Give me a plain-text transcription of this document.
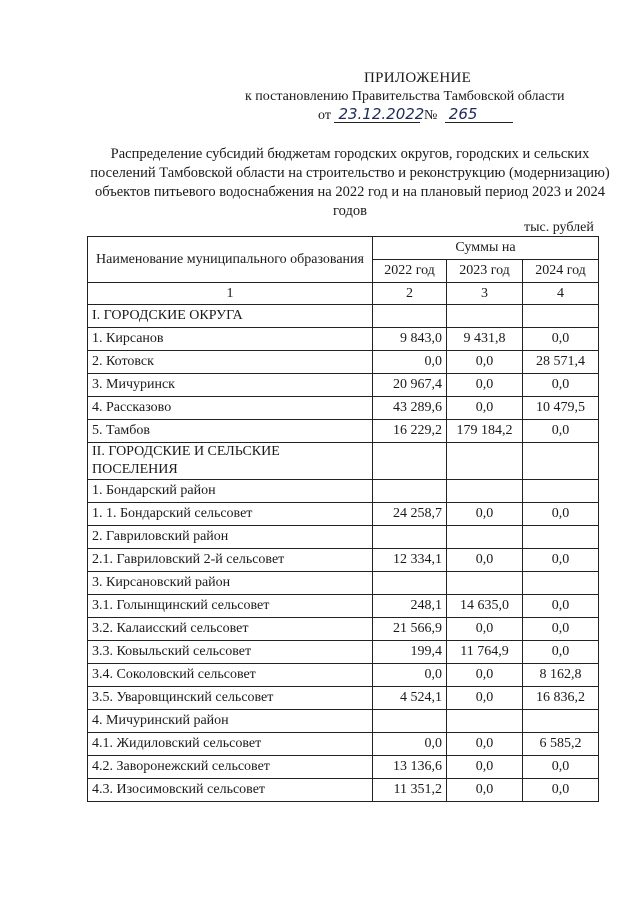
ПРИЛОЖЕНИЕ
к постановлению Правительства Тамбовской области
от 23.12.2022 № 265
Распределение субсидий бюджетам городских округов, городских и сельских поселений Тамбовской области на строительство и реконструкцию (модернизацию) объектов питьевого водоснабжения на 2022 год и на плановый период 2023 и 2024 годов
тыс. рублей
Наименование муниципального образования	Суммы на		
	2022 год	2023 год	2024 год
1	2	3	4
I. ГОРОДСКИЕ ОКРУГА			
1. Кирсанов	9 843,0	9 431,8	0,0
2. Котовск	0,0	0,0	28 571,4
3. Мичуринск	20 967,4	0,0	0,0
4. Рассказово	43 289,6	0,0	10 479,5
5. Тамбов	16 229,2	179 184,2	0,0
II. ГОРОДСКИЕ И СЕЛЬСКИЕ ПОСЕЛЕНИЯ			
1. Бондарский район			
1. 1. Бондарский сельсовет	24 258,7	0,0	0,0
2. Гавриловский район			
2.1. Гавриловский 2-й сельсовет	12 334,1	0,0	0,0
3. Кирсановский район			
3.1. Голынщинский сельсовет	248,1	14 635,0	0,0
3.2. Калаисский сельсовет	21 566,9	0,0	0,0
3.3. Ковыльский сельсовет	199,4	11 764,9	0,0
3.4. Соколовский сельсовет	0,0	0,0	8 162,8
3.5. Уваровщинский сельсовет	4 524,1	0,0	16 836,2
4. Мичуринский район			
4.1. Жидиловский сельсовет	0,0	0,0	6 585,2
4.2. Заворонежский сельсовет	13 136,6	0,0	0,0
4.3. Изосимовский сельсовет	11 351,2	0,0	0,0
